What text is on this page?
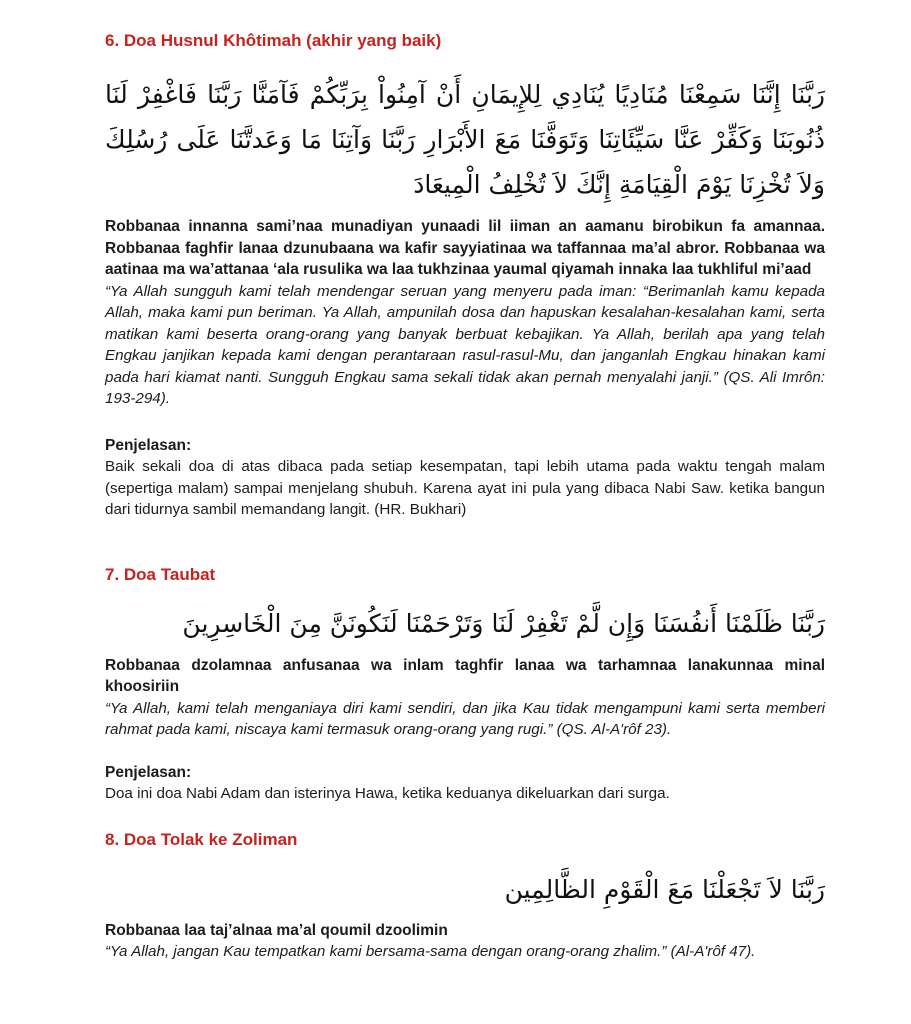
6. Doa Husnul Khôtimah (akhir yang baik)

رَبَّنَا إِنَّنَا سَمِعْنَا مُنَادِيًا يُنَادِي لِلإِيمَانِ أَنْ آمِنُواْ بِرَبِّكُمْ فَآمَنَّا رَبَّنَا فَاغْفِرْ لَنَا ذُنُوبَنَا وَكَفِّرْ عَنَّا سَيِّئَاتِنَا وَتَوَفَّنَا مَعَ الأَبْرَارِ رَبَّنَا وَآتِنَا مَا وَعَدتَّنَا عَلَى رُسُلِكَ وَلاَ تُخْزِنَا يَوْمَ الْقِيَامَةِ إِنَّكَ لاَ تُخْلِفُ الْمِيعَادَ

Robbanaa innanna sami’naa munadiyan yunaadi lil iiman an aamanu birobikun fa amannaa. Robbanaa faghfir lanaa dzunubaana wa kafir sayyiatinaa wa taffannaa ma’al abror. Robbanaa wa aatinaa ma wa’attanaa ‘ala rusulika wa laa tukhzinaa yaumal qiyamah innaka laa tukhliful mi’aad

“Ya Allah sungguh kami telah mendengar seruan yang menyeru pada iman: “Berimanlah kamu kepada Allah, maka kami pun beriman. Ya Allah, ampunilah dosa dan hapuskan kesalahan-kesalahan kami, serta matikan kami beserta orang-orang yang banyak berbuat kebajikan. Ya Allah, berilah apa yang telah Engkau janjikan kepada kami dengan perantaraan rasul-rasul-Mu, dan janganlah Engkau hinakan kami pada hari kiamat nanti. Sungguh Engkau sama sekali tidak akan pernah menyalahi janji.” (QS. Ali Imrôn: 193-294).

Penjelasan:

Baik sekali doa di atas dibaca pada setiap kesempatan, tapi lebih utama pada waktu tengah malam (sepertiga malam) sampai menjelang shubuh. Karena ayat ini pula yang dibaca Nabi Saw. ketika bangun dari tidurnya sambil memandang langit. (HR. Bukhari)

7. Doa Taubat

رَبَّنَا ظَلَمْنَا أَنفُسَنَا وَإِن لَّمْ تَغْفِرْ لَنَا وَتَرْحَمْنَا لَنَكُونَنَّ مِنَ الْخَاسِرِينَ

Robbanaa dzolamnaa anfusanaa wa inlam taghfir lanaa wa tarhamnaa lanakunnaa minal khoosiriin

“Ya Allah, kami telah menganiaya diri kami sendiri, dan jika Kau tidak mengampuni kami serta memberi rahmat pada kami, niscaya kami termasuk orang-orang yang rugi.” (QS. Al-A'rôf 23).

Penjelasan:

Doa ini doa Nabi Adam dan isterinya Hawa, ketika keduanya dikeluarkan dari surga.

8. Doa Tolak ke Zoliman

رَبَّنَا لاَ تَجْعَلْنَا مَعَ الْقَوْمِ الظَّالِمِين

Robbanaa laa taj’alnaa ma’al qoumil dzoolimin

“Ya Allah, jangan Kau tempatkan kami bersama-sama dengan orang-orang zhalim.” (Al-A'rôf 47).
